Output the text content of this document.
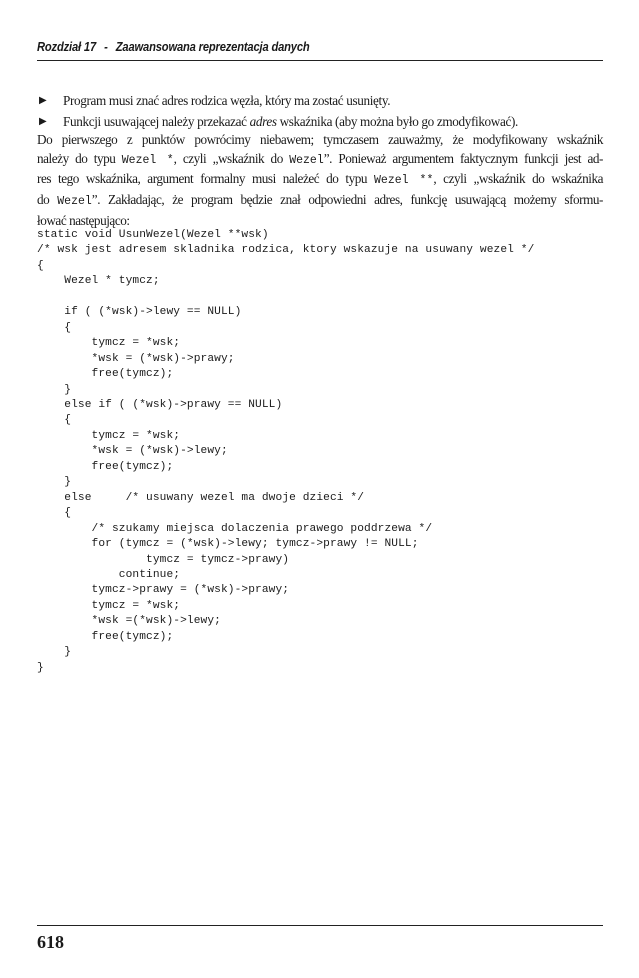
Rozdział 17 - Zaawansowana reprezentacja danych
▶ Program musi znać adres rodzica węzła, który ma zostać usunięty.
▶ Funkcji usuwającej należy przekazać adres wskaźnika (aby można było go zmodyfikować).
Do pierwszego z punktów powrócimy niebawem; tymczasem zauważmy, że modyfikowany wskaźnik
należy do typu Wezel *, czyli „wskaźnik do Wezel”. Ponieważ argumentem faktycznym funkcji jest ad-
res tego wskaźnika, argument formalny musi należeć do typu Wezel **, czyli „wskaźnik do wskaźnika
do Wezel”. Zakładając, że program będzie znał odpowiedni adres, funkcję usuwającą możemy sformu-
łować następująco:
static void UsunWezel(Wezel **wsk)
/* wsk jest adresem skladnika rodzica, ktory wskazuje na usuwany wezel */
{
Wezel * tymcz;
if ( (*wsk)->lewy == NULL)
{
tymcz = *wsk;
*wsk = (*wsk)->prawy;
free(tymcz);
}
else if ( (*wsk)->prawy == NULL)
{
tymcz = *wsk;
*wsk = (*wsk)->lewy;
free(tymcz);
}
else     /* usuwany wezel ma dwoje dzieci */
{
/* szukamy miejsca dolaczenia prawego poddrzewa */
for (tymcz = (*wsk)->lewy; tymcz->prawy != NULL;
tymcz = tymcz->prawy)
continue;
tymcz->prawy = (*wsk)->prawy;
tymcz = *wsk;
*wsk =(*wsk)->lewy;
free(tymcz);
}
}
618
